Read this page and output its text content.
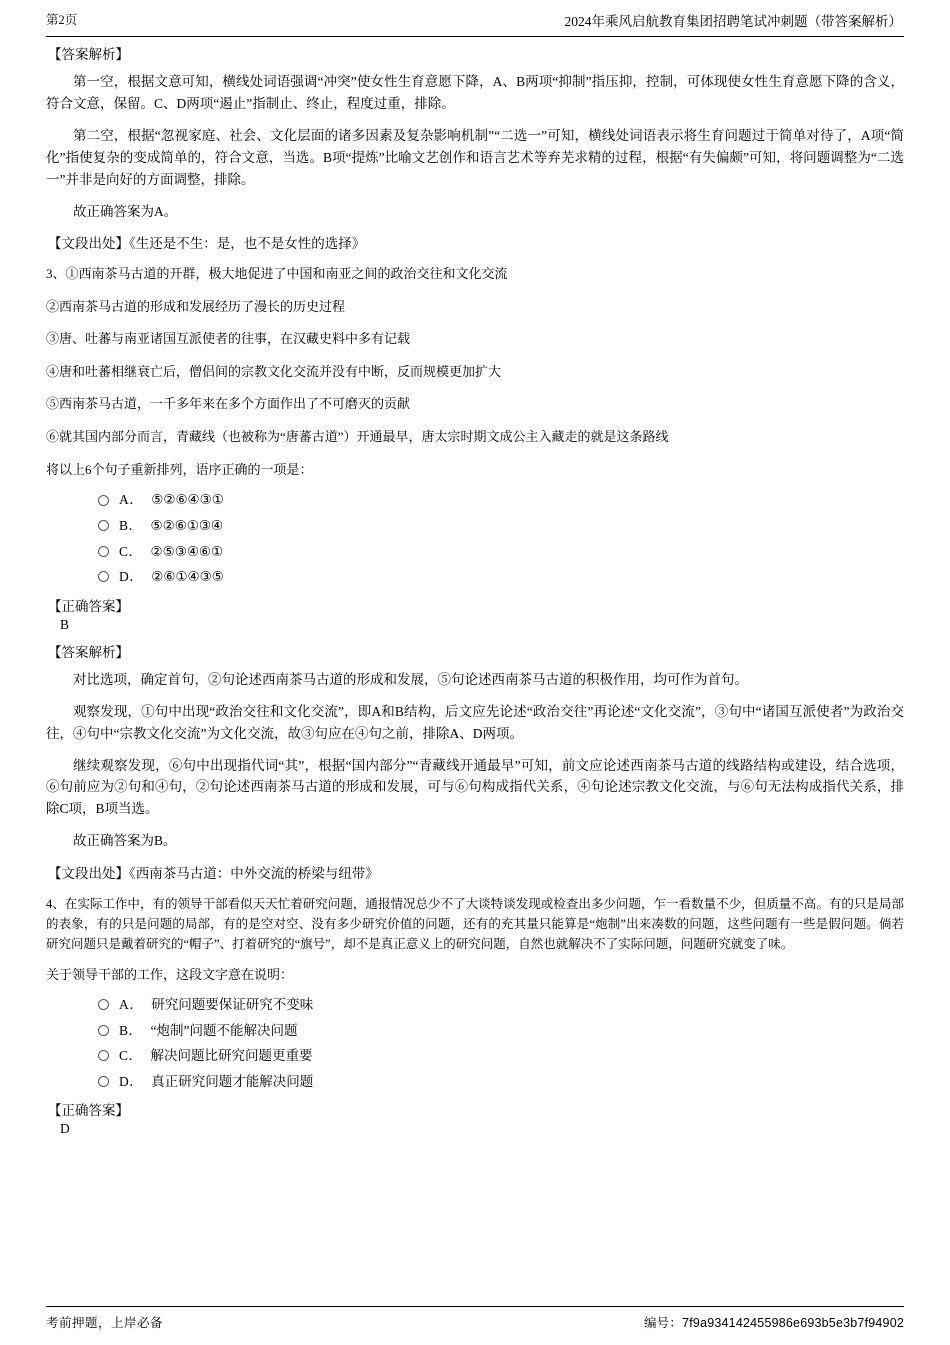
第2页	2024年乘风启航教育集团招聘笔试冲刺题（带答案解析）
【答案解析】

第一空，根据文意可知，横线处词语强调“冲突”使女性生育意愿下降，A、B两项“抑制”指压抑，控制，可体现使女性生育意愿下降的含义，符合文意，保留。C、D两项“遏止”指制止、终止，程度过重，排除。

第二空，根据“忽视家庭、社会、文化层面的诸多因素及复杂影响机制”“二选一”可知，横线处词语表示将生育问题过于简单对待了，A项“简化”指使复杂的变成简单的，符合文意，当选。B项“提炼”比喻文艺创作和语言艺术等弃芜求精的过程，根据“有失偏颇”可知，将问题调整为“二选一”并非是向好的方面调整，排除。

故正确答案为A。

【文段出处】《生还是不生：是，也不是女性的选择》
3、①西南茶马古道的开群，极大地促进了中国和南亚之间的政治交往和文化交流
②西南茶马古道的形成和发展经历了漫长的历史过程
③唐、吐蕃与南亚诸国互派使者的往事，在汉藏史料中多有记载
④唐和吐蕃相继衰亡后，僧侣间的宗教文化交流并没有中断，反而规模更加扩大
⑤西南茶马古道，一千多年来在多个方面作出了不可磨灭的贡献
⑥就其国内部分而言，青藏线（也被称为“唐蕃古道”）开通最早，唐太宗时期文成公主入藏走的就是这条路线
将以上6个句子重新排列，语序正确的一项是：
A． ⑤②⑥④③①
B． ⑤②⑥①③④
C． ②⑤③④⑥①
D． ②⑥①④③⑤
【正确答案】
B
【答案解析】

对比选项，确定首句，②句论述西南茶马古道的形成和发展，⑤句论述西南茶马古道的积极作用，均可作为首句。

观察发现，①句中出现“政治交往和文化交流”，即A和B结构，后文应先论述“政治交往”再论述“文化交流”，③句中“诸国互派使者”为政治交往，④句中“宗教文化交流”为文化交流，故③句应在④句之前，排除A、D两项。

继续观察发现，⑥句中出现指代词“其”，根据“国内部分”“青藏线开通最早”可知，前文应论述西南茶马古道的线路结构或建设，结合选项，⑥句前应为②句和④句，②句论述西南茶马古道的形成和发展，可与⑥句构成指代关系，④句论述宗教文化交流，与⑥句无法构成指代关系，排除C项，B项当选。

故正确答案为B。

【文段出处】《西南茶马古道：中外交流的桥梁与纽带》
4、在实际工作中，有的领导干部看似天天忙着研究问题，通报情况总少不了大谈特谈发现或检查出多少问题，乍一看数量不少，但质量不高。有的只是局部的表象，有的只是问题的局部，有的是空对空、没有多少研究价值的问题，还有的充其量只能算是“炮制”出来凑数的问题，这些问题有一些是假问题。倘若研究问题只是戴着研究的“帽子”、打着研究的“旗号”，却不是真正意义上的研究问题，自然也就解决不了实际问题，问题研究就变了味。
关于领导干部的工作，这段文字意在说明：
A． 研究问题要保证研究不变味
B． “炮制”问题不能解决问题
C． 解决问题比研究问题更重要
D． 真正研究问题才能解决问题
【正确答案】
D
考前押题，上岸必备	编号：7f9a934142455986e693b5e3b7f94902
